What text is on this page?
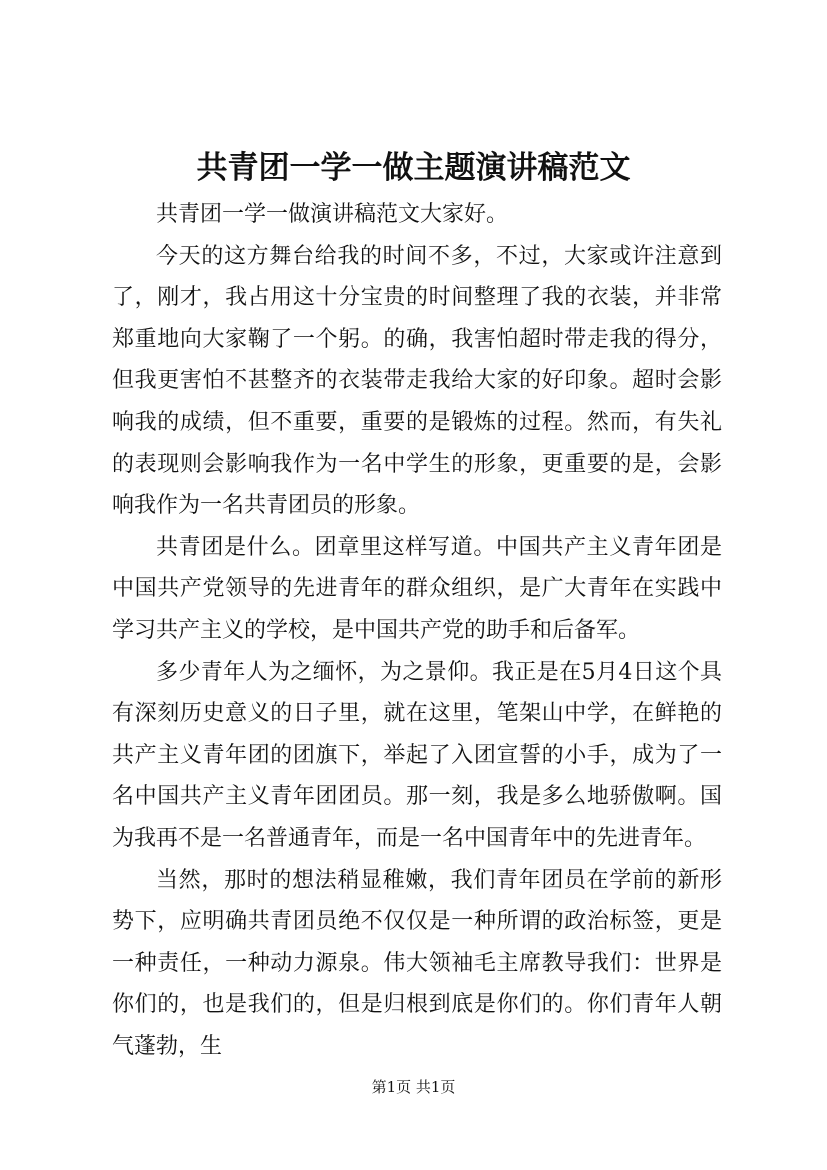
共青团一学一做主题演讲稿范文

共青团一学一做演讲稿范文大家好。

今天的这方舞台给我的时间不多，不过，大家或许注意到了，刚才，我占用这十分宝贵的时间整理了我的衣装，并非常郑重地向大家鞠了一个躬。的确，我害怕超时带走我的得分，但我更害怕不甚整齐的衣装带走我给大家的好印象。超时会影响我的成绩，但不重要，重要的是锻炼的过程。然而，有失礼的表现则会影响我作为一名中学生的形象，更重要的是，会影响我作为一名共青团员的形象。

共青团是什么。团章里这样写道。中国共产主义青年团是中国共产党领导的先进青年的群众组织，是广大青年在实践中学习共产主义的学校，是中国共产党的助手和后备军。

多少青年人为之缅怀，为之景仰。我正是在5月4日这个具有深刻历史意义的日子里，就在这里，笔架山中学，在鲜艳的共产主义青年团的团旗下，举起了入团宣誓的小手，成为了一名中国共产主义青年团团员。那一刻，我是多么地骄傲啊。国为我再不是一名普通青年，而是一名中国青年中的先进青年。

当然，那时的想法稍显稚嫩，我们青年团员在学前的新形势下，应明确共青团员绝不仅仅是一种所谓的政治标签，更是一种责任，一种动力源泉。伟大领袖毛主席教导我们：世界是你们的，也是我们的，但是归根到底是你们的。你们青年人朝气蓬勃，生

第1页 共1页
